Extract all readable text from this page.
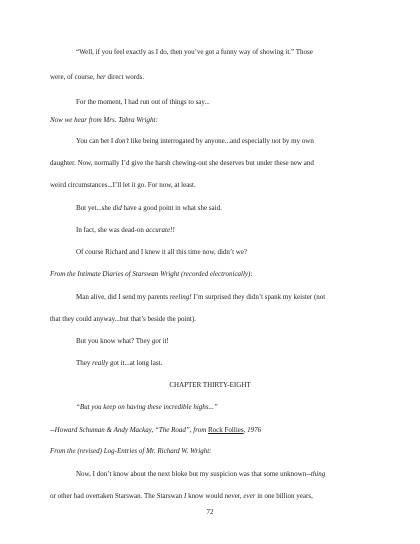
“Well, if you feel exactly as I do, then you’ve got a funny way of showing it.” Those
were, of course, her direct words.
For the moment, I had run out of things to say...
Now we hear from Mrs. Tabra Wright:
You can bet I don’t like being interrogated by anyone...and especially not by my own
daughter. Now, normally I’d give the harsh chewing-out she deserves but under these new and
weird circumstances...I’ll let it go. For now, at least.
But yet...she did have a good point in what she said.
In fact, she was dead-on accurate!!
Of course Richard and I knew it all this time now, didn’t we?
From the Intimate Diaries of Starswan Wright (recorded electronically):
Man alive, did I send my parents reeling! I’m surprised they didn’t spank my keister (not
that they could anyway...but that’s beside the point).
But you know what? They got it!
They really got it...at long last.
CHAPTER THIRTY-EIGHT
“But you keep on having these incredible highs...”
--Howard Schuman & Andy Mackay, “The Road”, from Rock Follies, 1976
From the (revised) Log-Entries of Mr. Richard W. Wright:
Now, I don’t know about the next bloke but my suspicion was that some unknown--thing
or other had overtaken Starswan. The Starswan I know would never, ever in one billion years,
72
